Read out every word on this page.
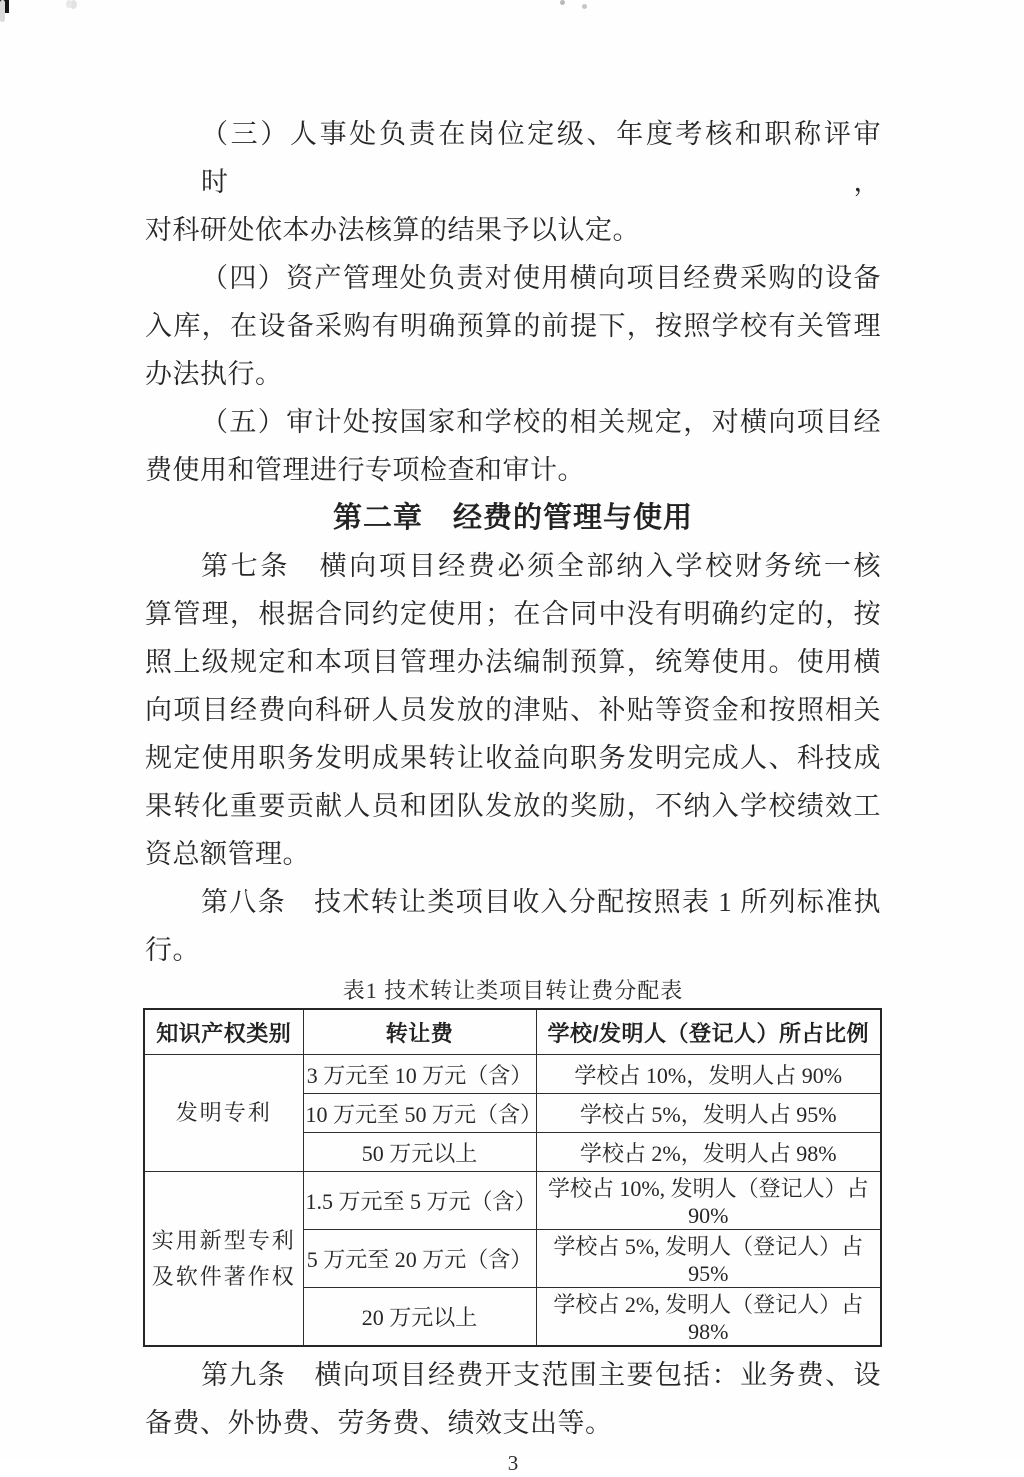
（三）人事处负责在岗位定级、年度考核和职称评审时，
对科研处依本办法核算的结果予以认定。
（四）资产管理处负责对使用横向项目经费采购的设备
入库，在设备采购有明确预算的前提下，按照学校有关管理
办法执行。
（五）审计处按国家和学校的相关规定，对横向项目经
费使用和管理进行专项检查和审计。
第二章　经费的管理与使用
第七条　横向项目经费必须全部纳入学校财务统一核
算管理，根据合同约定使用；在合同中没有明确约定的，按
照上级规定和本项目管理办法编制预算，统筹使用。使用横
向项目经费向科研人员发放的津贴、补贴等资金和按照相关
规定使用职务发明成果转让收益向职务发明完成人、科技成
果转化重要贡献人员和团队发放的奖励，不纳入学校绩效工
资总额管理。
第八条　技术转让类项目收入分配按照表 1 所列标准执
行。
表1 技术转让类项目转让费分配表
知识产权类别	转让费	学校/发明人（登记人）所占比例
发明专利	3 万元至 10 万元（含）	学校占 10%，发明人占 90%
	10 万元至 50 万元（含）	学校占 5%，发明人占 95%
	50 万元以上	学校占 2%，发明人占 98%
实用新型专利及软件著作权	1.5 万元至 5 万元（含）	学校占 10%, 发明人（登记人）占 90%
	5 万元至 20 万元（含）	学校占 5%, 发明人（登记人）占 95%
	20 万元以上	学校占 2%, 发明人（登记人）占 98%
第九条　横向项目经费开支范围主要包括：业务费、设
备费、外协费、劳务费、绩效支出等。
3
